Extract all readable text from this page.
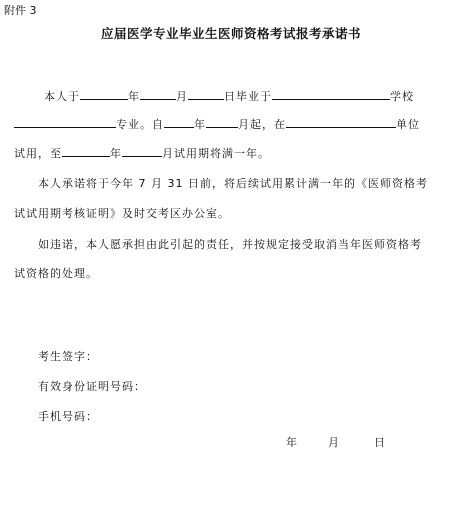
附件 3
应届医学专业毕业生医师资格考试报考承诺书
本人于	年	月	日毕业于	学校
专业。自	年	月起，在	单位
试用，至	年	月试用期将满一年。
本人承诺将于今年 7 月 31 日前，将后续试用累计满一年的《医师资格考
试试用期考核证明》及时交考区办公室。
如违诺，本人愿承担由此引起的责任，并按规定接受取消当年医师资格考
试资格的处理。
考生签字：
有效身份证明号码：
手机号码：
年	月	日
